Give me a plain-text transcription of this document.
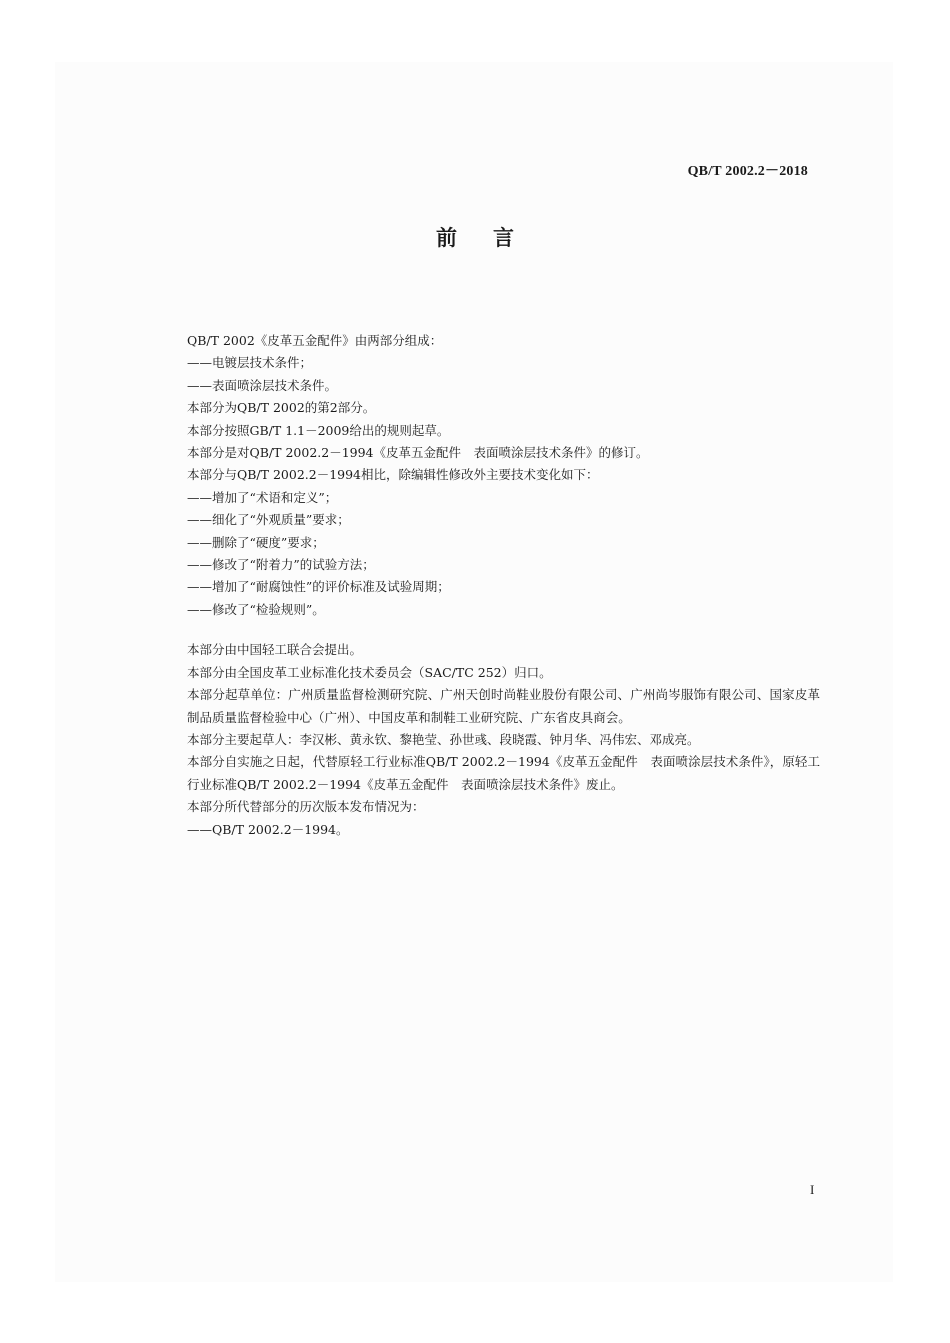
QB/T 2002.2－2018
前言

QB/T 2002《皮革五金配件》由两部分组成：

——电镀层技术条件；

——表面喷涂层技术条件。

本部分为QB/T 2002的第2部分。

本部分按照GB/T 1.1－2009给出的规则起草。

本部分是对QB/T 2002.2－1994《皮革五金配件　表面喷涂层技术条件》的修订。

本部分与QB/T 2002.2－1994相比，除编辑性修改外主要技术变化如下：

——增加了“术语和定义”；

——细化了“外观质量”要求；

——删除了“硬度”要求；

——修改了“附着力”的试验方法；

——增加了“耐腐蚀性”的评价标准及试验周期；

——修改了“检验规则”。

本部分由中国轻工联合会提出。

本部分由全国皮革工业标准化技术委员会（SAC/TC 252）归口。

本部分起草单位：广州质量监督检测研究院、广州天创时尚鞋业股份有限公司、广州尚岑服饰有限公司、国家皮革制品质量监督检验中心（广州）、中国皮革和制鞋工业研究院、广东省皮具商会。

本部分主要起草人：李汉彬、黄永钦、黎艳莹、孙世彧、段晓霞、钟月华、冯伟宏、邓成亮。

本部分自实施之日起，代替原轻工行业标准QB/T 2002.2－1994《皮革五金配件　表面喷涂层技术条件》，原轻工行业标准QB/T 2002.2－1994《皮革五金配件　表面喷涂层技术条件》废止。

本部分所代替部分的历次版本发布情况为：

——QB/T 2002.2－1994。

I
